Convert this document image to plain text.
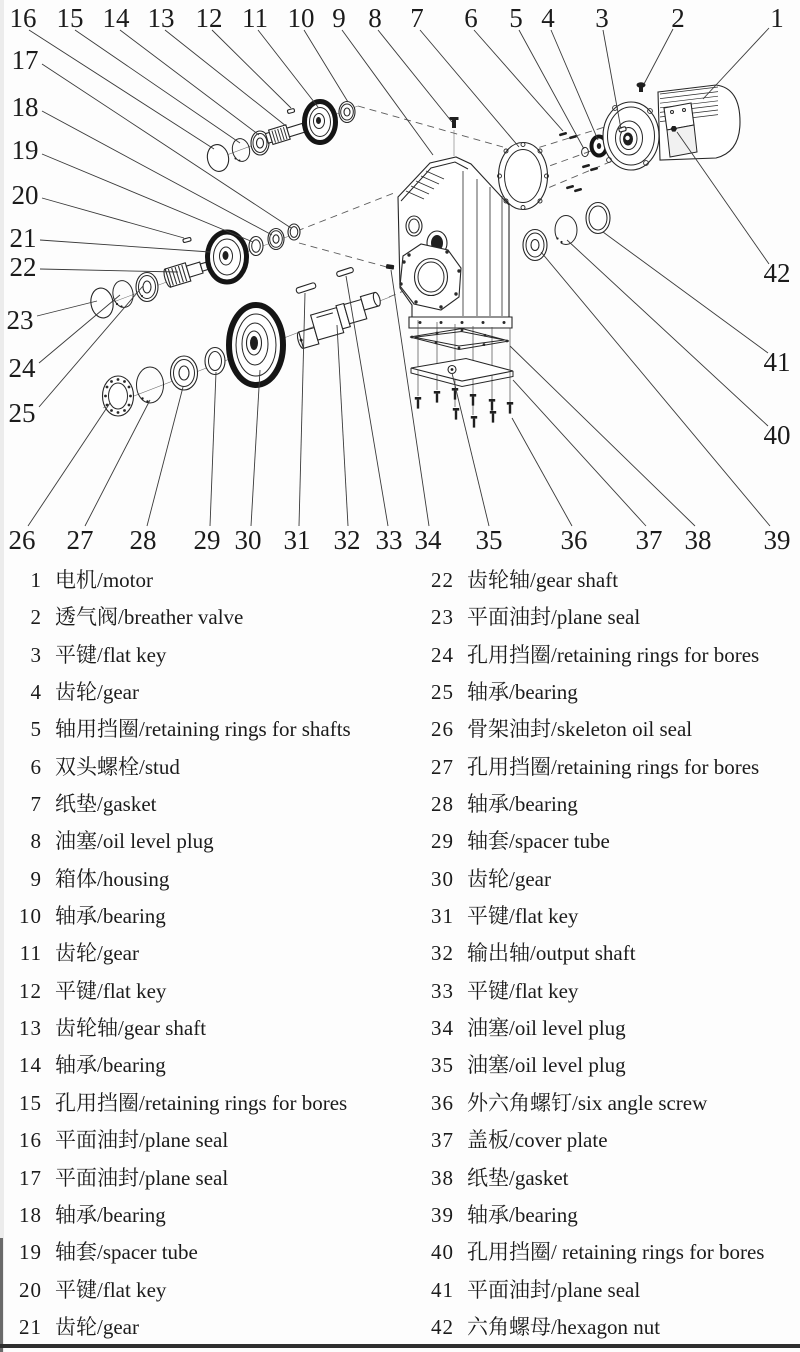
1
2
3
4
5
6
7
8
9
10
11
12
13
14
15
16
17
18
19
20
21
22
23
24
25
26 27 28 29 30 31 32 33 34 35 36 37 38 39
40
41
42
1 电机/motor
2 透气阀/breather valve
3 平键/flat key
4 齿轮/gear
5 轴用挡圈/retaining rings for shafts
6 双头螺栓/stud
7 纸垫/gasket
8 油塞/oil level plug
9 箱体/housing
10 轴承/bearing
11 齿轮/gear
12 平键/flat key
13 齿轮轴/gear shaft
14 轴承/bearing
15 孔用挡圈/retaining rings for bores
16 平面油封/plane seal
17 平面油封/plane seal
18 轴承/bearing
19 轴套/spacer tube
20 平键/flat key
21 齿轮/gear
22 齿轮轴/gear shaft
23 平面油封/plane seal
24 孔用挡圈/retaining rings for bores
25 轴承/bearing
26 骨架油封/skeleton oil seal
27 孔用挡圈/retaining rings for bores
28 轴承/bearing
29 轴套/spacer tube
30 齿轮/gear
31 平键/flat key
32 输出轴/output shaft
33 平键/flat key
34 油塞/oil level plug
35 油塞/oil level plug
36 外六角螺钉/six angle screw
37 盖板/cover plate
38 纸垫/gasket
39 轴承/bearing
40 孔用挡圈/ retaining rings for bores
41 平面油封/plane seal
42 六角螺母/hexagon nut
